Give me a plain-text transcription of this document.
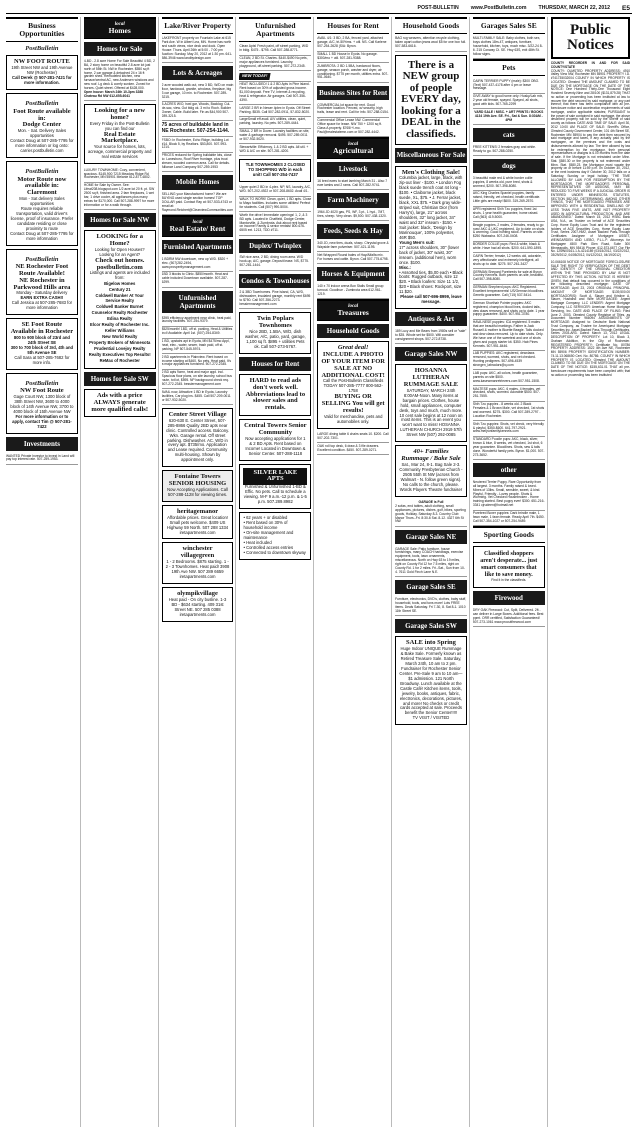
POST-BULLETIN www.PostBulletin.com THURSDAY, MARCH 22, 2012 E5
Business Opportunities
PostBulletin
NW FOOT ROUTE
19th Street NW and 19th Avenue NW (Rochester)
Call Derek @ 507-281-7421 for more information.
PostBulletin
Foot Route available in:
Dodge Center
Mon. - Sat. Delivery Sales opportunities
Contact Doug at 507-285-7795 for more information or log onto: carrier.postbulletin.com
PostBulletin
Motor Route now available in:
Claremont
Mon - Sat delivery Sales opportunities
Route requires reliable transportation, valid driver's license, proof of insurance. Prefer candidate residing or close proximity to route
Contact Doug at 507-285-7795 for more information
PostBulletin
NE Rochester Foot Route Available!
NE Rochester in Parkwood Hills area
Monday - Saturday delivery
EARN EXTRA CASH!!
Call Jessica at 507-285-7683 for more information
SE Foot Route Available in Rochester
800 to 900 block of 23rd and 24th Street SE
300 to 700 block of 3rd, 4th and 5th Avenue SE
Call Sara at 507-285-7682 for more info.
PostBulletin
NW Foot Route
Gage Court NW, 1300 block of 38th Street NW, 3600 to 4000 block of 14th Avenue NW, 3700 to 4000 block of 15th Avenue NW
For more information or to apply, contact Tim @ 507-281-7422
Investments
WANTED Private Investor to invest in Land will pay top interest rate. 507-259-1953.
local
Homes
Homes for Sale

4-BD - 2.8 acre Home For Sale Beautiful 4 BD, 2 BA, 2 story home on beautiful 2.8 acre lot just north of 55th St. NW in Rochester. $550 sq ft home, 2 car garage & detached 24 x 16 ft garden shed. Remodeled kitchen, new furnace/central AC, new Andersen windows and new roof. Lg deck & comfy sunken. Zoned for horses. Quiet street. Offered at $428,000.

Open house: March 24th 10-3pm 3288 Chateau Rd NW 612-655-6041

Looking for a new home?
Every Friday in the Post-Bulletin you can find our
Real Estate Marketplace.
Your source for homes, lots, acreage, commercial property and real estate services
LUXURY TOWNHOME: Cozy, convenient, spacious. $145,900 7215 Meadow Ridge Rd Rochester, MN 55901 Melanie 612-877-4802.
HOME for Sale by Owner. See: Lifeat208.blogspot.com 1/2 acre lot 20 ft. pt. SW 2500 sq ft, finished area. 2 fam fireplaces, 1 wet bar, 1 drive cooler, all appliances plus many extras for $170,000. Call 507-288-9997 for more information or for a walk through.
Homes for Sale NW
LOOKING for a Home?
Looking for Open Houses? Looking for an Agent?
Check out homes. postbulletin.com
Listings and agents are included from:
Bigelow Homes
Century 21
Coldwell Banker At Your Service Realty
Coldwell Banker Burnet
Counselor Realty Rochester
Edina Realty
Elcor Realty of Rochester Inc.
Keller Williams
New World Realty
Property Brokers of Minnesota
Prudential Lovejoy Realty
Realty Executives Top Results!
ReMax of Rochester
Homes for Sale SW
Ads with a price ALWAYS generate more qualified calls!
Lake/River Property
LAKEFRONT property on Fountain Lake at 615 Park Ave. W in Albert Lea, MN. Home has north and south views, nice deck and dock. Open House: Thurs. April 26th at 5:00 - 7:00 pm Auction: Sunday, May 20, 2012 at 1:30 pm. 641-586-3946 www.landbydesign.com
Lots & Acreages
2 acre wooded walk out, new 3 BD, W/D on main floor, hardwood, granite, windows, fireplace, big 3 car garage, 10 min. to Rochester. 507-289-3215.
5-ACRES W/O, hwd gar, Woods, Backlog; Cul-de-sac, view. Out bldg ok. 3 mi to Roch. Builder Owner, Cable. Build later. Fin as $44,900 507-289-3215.
75 acres of buildable land in NE Rochester. 507-254-1144.
FSBO: In Rochester, Echo Ridge, building Lot #14, Block 5, by Realtors. $53,800. 507-993-1214.
PRICES reduced for Spring buildable lots, close to: Lanesboro, Roof River frontage, plus trout stream, wooded common area. Call for details. Alliance Land Company 507-259-1953
Mobile Homes
SELLING your Manufactured home? We are BUYING used single section homes! TOP DOLLAR paid. Contact Ray at: 507-533-4743 or email at: Raymond.Reichert@ClearviewCommunities.com
local
Real Estate/ Rent
Furnished Apartments
1 BDRM NW downtown, new up W/D. $520 + elec. (507)282-2494, www.prosperitymanagement.com
1BD 3 blocks to Clinic. $850/month. Heat and cable included Downtown available. 507-287-6299.
Unfurnished Apartments
$395 efficiency apartment near clinic, heat paid, laundry facilities. 507-254-9379.
$525/month! 1BD, off st. parking, Heat & Utilities incl! Available: April 1st. (507) 254-8349.
1 BD, upstairs apt in Eyota, MN $475/mo Appl, heat, elec., water, sewer, trash paid, off st. parking, NP 507-545-5974.
2 BD apartments in Plainview. Rent based on income starting at $460. No pets. Heat paid. It's a major appliances furnished. 507-272-2345.
2 BD apts 9cmn, heat and major appl. incl. Spacious floor plans, on site laundry, school bus route, tot lot, $595. NP background check req. 507-272-2345. bessiermanagement.com
AVAIL now, Attractive 1 BD in Eyota, Laundry facilities, Car plug ins. $455. Call 507-209-0011 or 507-932-5020.
Center Street Village
620-630 E. Center Street, 507-285-8866 Quality 2BD apts near clinic. Controlled access. Balcony. Wkn. Garage rental. Off street parking. Dishwasher. AC. W/D in every apt. $735/mo. Application and Lease required. Community multi-housing. Shown by appointment only.
Fontaine Towers SENIOR HOUSING
Now Accepting Applications. Call 507-288-1128 for viewing times.
heritagemanor
Affordable prices. Great location! Small pets welcome. $409 US Highway 59 North. 507 288 1334 iretapartments.com
winchester villagegreen
1 - 2 Bedrooms. $875 starting. 1 - 2 - 3 Townhomes. Heat paid! 3908 19th Ave NW. 507 289 6659 iretapartments.com
olympikvillage
Heat paid - On city busline. 1-3 BD - $634 starting. 409 31st Street NE. 507 285 0388 iretapartments.com
Unfurnished Apartments
Clean Apts! Fresh paint, off street parking, W/D in bldg. $475 - $795. Call 507-288-8771.
CLEAN, 2 BD St. Charles. $440-$490 No pets, major appliances furnished. Laundry, playground, off-street parking. 507-272-2345.
NEW TODAY!
HEAT INCLUDED! 1 & 2 BD Apts in Pine Island. Rent based on 30% of adjusted gross income. $1,000 deposit. Free TV, Internet & recycling, heat & refrigerator. Air garages. Call 507-356-4390.
LARGE 2 BR in Newer 4plex in Eyota. Off Street Parking. $535. Call 507-282-0911, 57-832-5020.
LargeSmall eff avail. A/V utilities, clean, quiet, parking, laundry. No pets. 507-289-4444.
SMALL 2 BR in Dover. Laundry facilities on site, water & garbage removal. $495. 507-289-0011 or 507-932-5020.
Stewartville: Efficiency, 1 & 2 BD apts. All util. + W/D & A/C on site. 507-281-4200.
TLE TOWNHOMES 2 CLOSED TO SHOPPING W/D in each unit! Call 507-254-7437
Upper quiet 2 BD in 4-plex. NP, NS, laundry, A/C, W/D. 507-202-4922 or 507-208-8602. Avail 4/1.
WALK TO WORK! Clean, quiet, 1 BD apts. Close to Mayo facilities. Includes some utilities! Perfect for students. Call (507) 990-5004.
Worth the drive! Immediate openings! 1, 2, & 3 BD apts. Located in Chatfield, Dodge Center, Mantorville, & Zumbrota. Ask about rent based on income! Family & senior rentals! 800-676-6505 ext. 1213, TDD #711.
Duplex/ Twinplex
SW nice area, 2 BD, dining room area. W/D hook-up, A/C, garage. Deposit lease. NS, $775. 507-281-1444.
Condos & Townhouses
2 & 3BD Townhomes. Pine Island, CA, W/D, dishwasher, insulated garage, monthly rent $695 to $750. Call 507-356-2273. bessiermanagement.com
Twin Poplars Townhomes
Nice 2BD, 1.5BA, W/D, dish washer, A/C, patio, yard, garage, 1,100 sq ft. $895 + utilities Pets ok. Call 507-273-5767.
Houses for Rent
HARD to read ads don't work well. Abbreviations lead to slower sales and rentals.
Central Towers Senior Community
Now accepting applications for 1 & 2 BD Apts. Rent based on Income! Located in Downtown & Senior Center. 507-288-1118
SILVER LAKE APTS
Furnished & Unfurnished 1-BD & Effic. No pets. Call to schedule a viewing. M-F 9 a.m.-12 p.m. & 1-5 p.m. 507.289.8982
• 62 years + or disabled
• Rent based on 30% of household income
• On-site management and maintenance
• Heat included
• Controlled access entries
• Connected to downtown skyway
Houses for Rent
AVAIL 4/1: 3 BD, 2 BA, fenced yard, attached garage, A/C, tri-50%ms. + util. NS. Call Karlene 507-254-2628 (SIA: Byron.
SMALL 1 BD House in Eyota. No garage. $300/mo + util. 507-281-9388.
ZUMBROTA: 2 BD 1.5BA, hardwood floors, garage, season porch, washer and dryer, air conditioning. $775 per month, utilities extra. 507-951-0640.
Business Sites for Rent
COMMERCIAL lot space for rent. Good Rochester location. Fenced, w/ security, high trails, lease and rent. Call for info. 507-288-0154.
Commercial Office Lease NW. Commercial Office space for lease. NW 750 + 1200 sq ft. Class A property. $765/+/-mo. Paul@realestatemn.com or 507-282-4442.
local
Agricultural
Livestock
16 bred ewes to start lambing March 31 - Also 7 ewe lambs and 2 rams. Call 507-282-9741.
Farm Machinery
1964 JD 4020 gas, PS, WF, 3 pt., 1 hyd., 7MT, tires, sheep. Very clean. $9,500. 507-438-1320.
Feeds, Seeds & Hay
340 JD, new tires, duals, sharp. Chrystal grove & Wayside farm pulveriser. 507-421-1195.
Net Wrapped Round bales of Hay/Alfalfa mix. For horses and cattle. Byron. Call 507-775-6798.
Horses & Equipment
140 x 70 indoor arena Box Stalls Small group turnout. Goodhue - Zumbrota area 612-961-1219.
local
Treasures
Household Goods
Great deal!
INCLUDE A PHOTO OF YOUR ITEM FOR SALE AT NO ADDITIONAL COST!
Call the Post-Bulletin Classifieds TODAY 507-285-7777 800-562-1758
BUYING OR SELLING You will get results!
Valid for merchandise, pets and automobiles only.
LARGE dining table 6 chairs seats 10. $200. Call 507-202-7301.
OAK roll top desk, 6 draw & 3 file drawers. Excellent condition. $450. 507-289-0271.
Household Goods
BAG rug weavers, attention recycle clothing, taken apart cotton jeans wool $5 for one box full. 507-583-6616.
There is a NEW group of people EVERY day, looking for a DEAL in the classifieds.
Miscellaneous For Sale
Men's Clothing Sale!
Columbia jacket, large, black, with zip-out liner - $100. • London Fog black suede trench coat 44 long - $100. • Claiborne jacket, black suede, XL, $75. • J. Ferrar jacket, black, XXL $75. • Dark gray wide-striped suit, Christian Dior (from Harry's), large, 21" across shoulders, 32" long jacket, 34" waist and 32" inseam - $150. • Suit jacket: black, 'Design by Marinouque', 100% polyester, 46R $50.
Young Men's suit:
17" across shoulders, 30" (lower back of jacket, 30" waist, 30" inseam. (additional hem), worn once. $100.
Misc.:
• Assorted ties, $5.00 each • Black boots: Rugged outback, size 12 $20. • Black loafers: Size 11 1/2, $20 • Black shoes: Rockport, size 11 $20.
Please call 507-696-8999, leave message.
Antiques & Art
189 Lucy and Me Bears from 1980s sell or "sale" to $35. Whole set for $500. Will consider consignment shops. 507-272-8738.
Garage Sales NW
HOSANNA LUTHERAN RUMMAGE SALE
SATURDAY, MARCH 24th 8:00AM-Noon. Many items at bargain prices. Clothes, house hold, small appliances, computer desk, toys and much, much more. 10 cent sale begins at 12 noon on most items. This is an event you won't want to miss! HOSANNA LUTHERAN CHURCH 2919 57th Street NW (507) 292-0085
40+ Families Rummage / Bake Sale
Sat., Mar 24, 8-1. Bag Sale 2-3. Community Presbyterian Church - 2505 55th St NW (across from Walmart - N. follow green signs). No calls to the church, please. Words Players Theatre fundraiser

GARAGE is Full

2 sofas, end tables, adult clothing, small appliances, pictures, dishes, golf, bikes, sporting goods, Holiday. Saturday 8-3. Country Club Manor Thurs.-Fri. 8:30-6 Sat. 8-12. 4327 6th St NW.

Garage Sales NE
GARAGE Sale: Patio furniture, house furnishings, many COACH handbags, exercise equipment, tools, lawn ornaments, miscellaneous. North on Hwy 63 to 19 miles, right on County Rd 12 for 7.5 miles, right on County Rd. 1 for 2 miles. Fri.-Sat., Sun from 10-4. 7611 Gold Finch Lane N.E.
Garage Sales SE
Furniture, electronics, DVD's, clothes, baby stuff, household, tools, and tons more! Lots FREE items. Deals Saturday. Fri 7-30, 8. Sat 8-1. 1010 11th Street SE.
Garage Sales SW
SALE into Spring
Huge Indoor UNIQUE Rummage & Bake Sale. Formerly known as Retired Treasure Sale. Saturday, March 24th, 10 am to 2 pm. Fundraiser for Rochester Senior Center. Pre-Sale 9 am to 10 am—$1 admission. 121 North Broadway. Lunch available at the Castle Café! Kitchen items, tools, jewelry, books, antiques, fabric, electronics, decorations, pictures, and more! No checks or credit cards accepted at sale. Proceeds benefit the Senior Center!!!!!
TV VISIT / VISITED
Garages Sales SE
MULTI-FAMILY SALE: Baby clothes, both sex, boys clothes 18m-4T, antiques, furniture, household, kitchen, toys, much misc. 3/22-24 8-6. 215 Conway Ct. SE. Hwy 63S, exit 48th St. follow signs.
Pets
CAIRN TERRIER PUPPY (male): $300 OBO. (Text) 507-437-4178 after 4 pm or leave message.
GIVE AWAY to good home only: Husky/Lab mix, 2 year old female, spayed. Spayed, all shots, good with kids. 507-765-2299
VARD SALE / MISC. + ART PRINTS / BOOKS 4134 19th Ave. SE. Fri., Sat & Sun. 8:30AM - 4PM
cats
FREE KITTENS! 2 females gray and white. Ready to go. 507-288-0250.
dogs
3 beautiful male red & white border collie puppies, 8 weeks old, pure bred, shots & wormed, $200. 507-398-8080.
AKC King Charles Spaniel puppies, family raised, friendly, vet checked, health certificate. Little girls are ready! $600. 319-269-2570.
APRI registered Shih Tzu puppies, fixed 1st shots, 1 year health guarantee, home raised. Call (563) 419-5000.
Beagle puppies, 2 males, 2 females, ready to go now! AKC & UKC registered, Up to date on shots & worming. Good hunting stock. Parents on site. $250 Wabasha. 507-246-0408.
BORDER COLLIE pups: Red & white, black & white. Have had all shots. $200. 641-590-1895.
CAIRN Terrier; female, 12 weeks old, adorable, very affectionate and extremely intelligent, all shots up to date. $275. 507-261-3427
GERMAN Shepard Purebreds for sale at Byron Country Kennels. Both parents on-site, beautiful. Call 507-398-8080.
GERMAN Shepherd pups: AKC Registered. Excellent temperaments! US/German bloodlines. Genetic guarantee. Call (715) 537-5414.
German Shorthair Pointer puppies: AKC registered, champion blood lines, docked tails, dew claws removed, and shots up to date. 1 year puppy guarantee. $400. 507-951-3780.
HAVA-NESE puppies: ICA registered. 5 males that are beautiful markings. Father is Jack Russell & mother is Bluette Beagle. Tails docked and dew claws removed. Up to date shots. Only. We have one of the sweetest and one of shots given and puppy starter kit. $350. Hab Pines Kennels. 507-951-8446.
LAB PUPPIES: AKC registered, dewclaws removed, wormed, shots, and vet checked. Hunting pedigrees. 507-696-4539 strongen_labradors@q.com
LAB pups: AKC, all colors, health guarantee, parents on site $500. www.kasewmanretrievers.com 507-951-1508.
MALTESE pups: AKC, 6 males, 4 females, vet checked, shots, wormed. Adorable $500. 507-251-7555.
Shih Tzu puppies - 8 weeks old. 2 Black Females & 1 Brown Male, vet checked, 1st shots and wormed. $275- $300. Call 507-289-2797 - Location Rochester.
Shih Tzu puppies: Shots, vet check, very friendly & playful. $350-$600. 641-797-2921. www.meljrunfamilykennels.com
STANDARD Poodle pups: AKC, black, silver, brown & blue, 8 weeks, vet checked, 1st shot, 6 year guarantee. Bloodlines. Shots, sew & tails done. Wonderful family pets. Byron. $1,000. 507-273-3652.
other
Neutered Terrier Puppy. Rare Opportunity from all largest. 3 months. Family raised & loved. Mixes of 13lbs. Small, sensible, sweet, & kind. Playful, Friendly - Loves people. Shots & Worming. Vet Checked Housebroken - Home training started. Best puppy ever! $300. 651-216-3341 cjrudeen@hotmail.net
Purebred Boxer puppies: Dark brindle male, 1 fawn male, 1 fawn female. Ready April 7th. $450. Call 507-354-1027 or 507-254-9489.
Sporting Goods
Classified shoppers aren't desperate... just smart consumers that like to save money.
Find it in the classifieds.
Firewood
DRY OAK Firewood: Cut, Split, Delivered. 2ft - can deliver in Large Boxes. Additional fees. Best ppmt. ORR certified, Satisfaction Guaranteed! 507-273-1061 www.procutfirewood.com
Public Notices
COUNTY RECORDER IN AND FOR SAID COUNTY/STATE
COUNTY: OLMSTED PROPERTY ADDRESS: 4910 Valley View NW, Rochester MN 55901 PROPERTY I.D. #741735032004 COUNTY IN WHICH PROPERTY IS LOCATED: Olmsted THE AMOUNT CLAIMED TO BE DUE ON THE MORTGAGE ON THE DATE OF THE NOTICE: One Hundred Thirty-One Thousand Eight Hundred Seventy-Nine and 28/100 ($131,879.28) THAT no action or proceeding has been instituted at law to recover the debt secured by said mortgage, or any part thereof; that there has been compliance with all pre-foreclosure notice and acceleration requirements of said mortgage, and/or applicable statutes; PURSUANT to the power of sale contained in said mortgage, the above described property will be sold by the Sheriff of said county as follows: DATE AND TIME OF SALE: April 30, 2012 10:00 AM PLACE OF SALE: Sheriff's Office, Olmsted County Government Center, 101 4th Street SE, Rochester MN 55904 to pay the debt then secured by said mortgage and taxes, if any actually paid by the mortgagee, on the premises and the costs and disbursements allowed by law. The time allowed by law for redemption by the mortgagor, their personal representatives or assigns is 6.00 months from the date of sale. If the Mortgage is not reinstated under Minn. Stat. §580.30 or the property is not redeemed under Minn. Stat. §580.23, the Mortgagor must vacate the property on or before 11:59 p.m. on October 30, 2012, or the next business day if October 30, 2012 falls on a Saturday, Sunday or legal holiday. "THE TIME ALLOWED BY LAW FOR REDEMPTION BY THE MORTGAGOR, THE MORTGAGOR'S PERSONAL REPRESENTATIVES OR ASSIGNS, MAY BE REDUCED TO FIVE WEEKS IF A JUDICIAL ORDER IS ENTERED UNDER MINNESOTA STATUTES, SECTION 582.032, DETERMINING, AMONG OTHER THINGS, THAT THE MORTGAGED PREMISES ARE IMPROVED WITH A RESIDENTIAL DWELLING OF LESS THAN FIVE UNITS, ARE NOT PROPERTY USED IN AGRICULTURAL PRODUCTION, AND ARE ABANDONED." Dated: March 15, 2012 HSBC Bank USA, N.A., as Trustee on behalf of ACE Securities Corp. Home Equity Loan Trust and for the registered holders of ACE Securities Corp. Home Equity Loan Trust, Series 2007-HM2, Asset Backed Pass-Through Certificates Assignee of Mortgagee USSET, WEINGARDEN AND LIEBO, P.L.L.P. Attorneys for Mortgagee 4500 Park Glen Road, Suite 300 Minneapolis, MN 55416 Phone: 612-573-6677 Our File No. 12MN00161-1 A-4214189 (03/15/2012, 03/22/2012, 03/29/2012, 04/05/2012, 04/12/2012, 04/19/2012)
10-066108 NOTICE OF MORTGAGE FORECLOSURE SALE THE RIGHT TO VERIFICATION OF THE DEBT AND IDENTITY OF THE ORIGINAL CREDITOR WITHIN THE TIME PROVIDED BY LAW IS NOT AFFECTED BY THIS ACTION. NOTICE IS HEREBY GIVEN, that default has occurred in the conditions of the following described mortgage: DATE OF MORTGAGE: April 23, 2003 ORIGINAL PRINCIPAL AMOUNT OF MORTGAGE: $139,500.00 MORTGAGOR(S): Scott A. Slauer and Kristine A. Slauer, Husband and Wife MORTGAGEE: Argent Mortgage Company, LLC LENDER: Argent Mortgage Company, LLC SERVICER: American Home Mortgage Servicing, Inc. DATE AND PLACE OF FILING: Filed June 2, 2003, Olmsted County Registrar of Titles, as Document Number 966094 ASSIGNMENTS OF MORTGAGE: Assigned to: Deutsche Bank National Trust Company, as Trustee for Ameriquest Mortgage Securities Inc. Asset-Backed Pass-Through Certificates, Series 2003-AR3. Dated: March 13, 2012 LEGAL DESCRIPTION OF PROPERTY: Lot 10, Block 3, Graham Addition, in the City of Rochester. REGISTERED PROPERTY: Certificate No. 80786 PROPERTY ADDRESS: 1522 4th Ave NE, Rochester MN 55906 PROPERTY IDENTIFICATION NUMBER: 74.11.13.068650 Cert. No. 80786. COUNTY IN WHICH PROPERTY IS LOCATED: Olmsted THE AMOUNT CLAIMED TO BE DUE ON THE MORTGAGE ON THE DATE OF THE NOTICE: $155,631.01 THAT all pre-foreclosure requirements have been complied with; that no action or proceeding has been instituted
